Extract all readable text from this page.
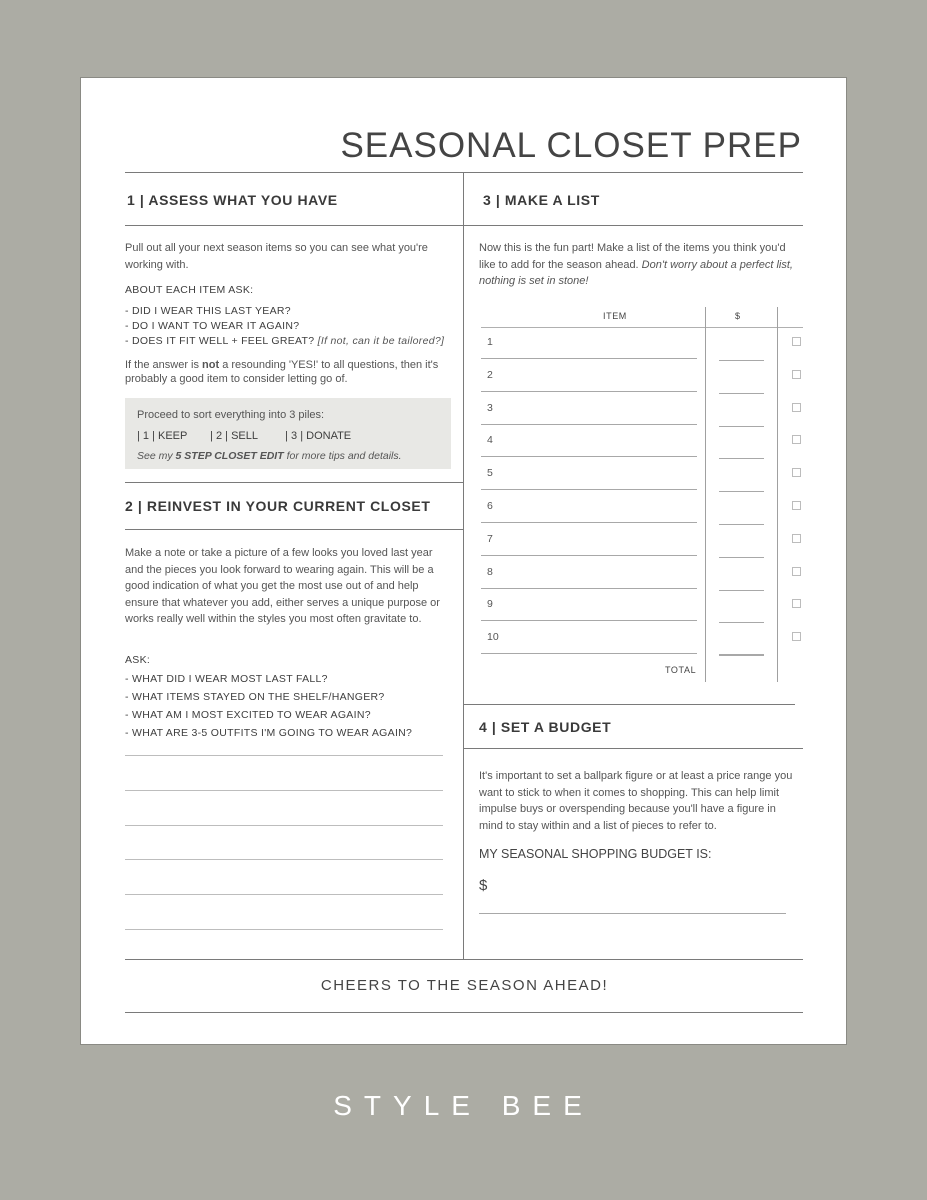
SEASONAL CLOSET PREP
1 | ASSESS WHAT YOU HAVE
Pull out all your next season items so you can see what you're working with.
ABOUT EACH ITEM ASK:
- DID I WEAR THIS LAST YEAR?
- DO I WANT TO WEAR IT AGAIN?
- DOES IT FIT WELL + FEEL GREAT? [If not, can it be tailored?]
If the answer is not a resounding 'YES!' to all questions, then it's probably a good item to consider letting go of.
Proceed to sort everything into 3 piles:
| 1 | KEEP | 2 | SELL | 3 | DONATE
See my 5 STEP CLOSET EDIT for more tips and details.
2 | REINVEST IN YOUR CURRENT CLOSET
Make a note or take a picture of a few looks you loved last year and the pieces you look forward to wearing again. This will be a good indication of what you get the most use out of and help ensure that whatever you add, either serves a unique purpose or works really well within the styles you most often gravitate to.
ASK:
- WHAT DID I WEAR MOST LAST FALL?
- WHAT ITEMS STAYED ON THE SHELF/HANGER?
- WHAT AM I MOST EXCITED TO WEAR AGAIN?
- WHAT ARE 3-5 OUTFITS I'M GOING TO WEAR AGAIN?
3 | MAKE A LIST
Now this is the fun part! Make a list of the items you think you'd like to add for the season ahead. Don't worry about a perfect list, nothing is set in stone!
ITEM	$
1
2
3
4
5
6
7
8
9
10
TOTAL
4 | SET A BUDGET
It's important to set a ballpark figure or at least a price range you want to stick to when it comes to shopping. This can help limit impulse buys or overspending because you'll have a figure in mind to stay within and a list of pieces to refer to.
MY SEASONAL SHOPPING BUDGET IS:
$
CHEERS TO THE SEASON AHEAD!
STYLE BEE
